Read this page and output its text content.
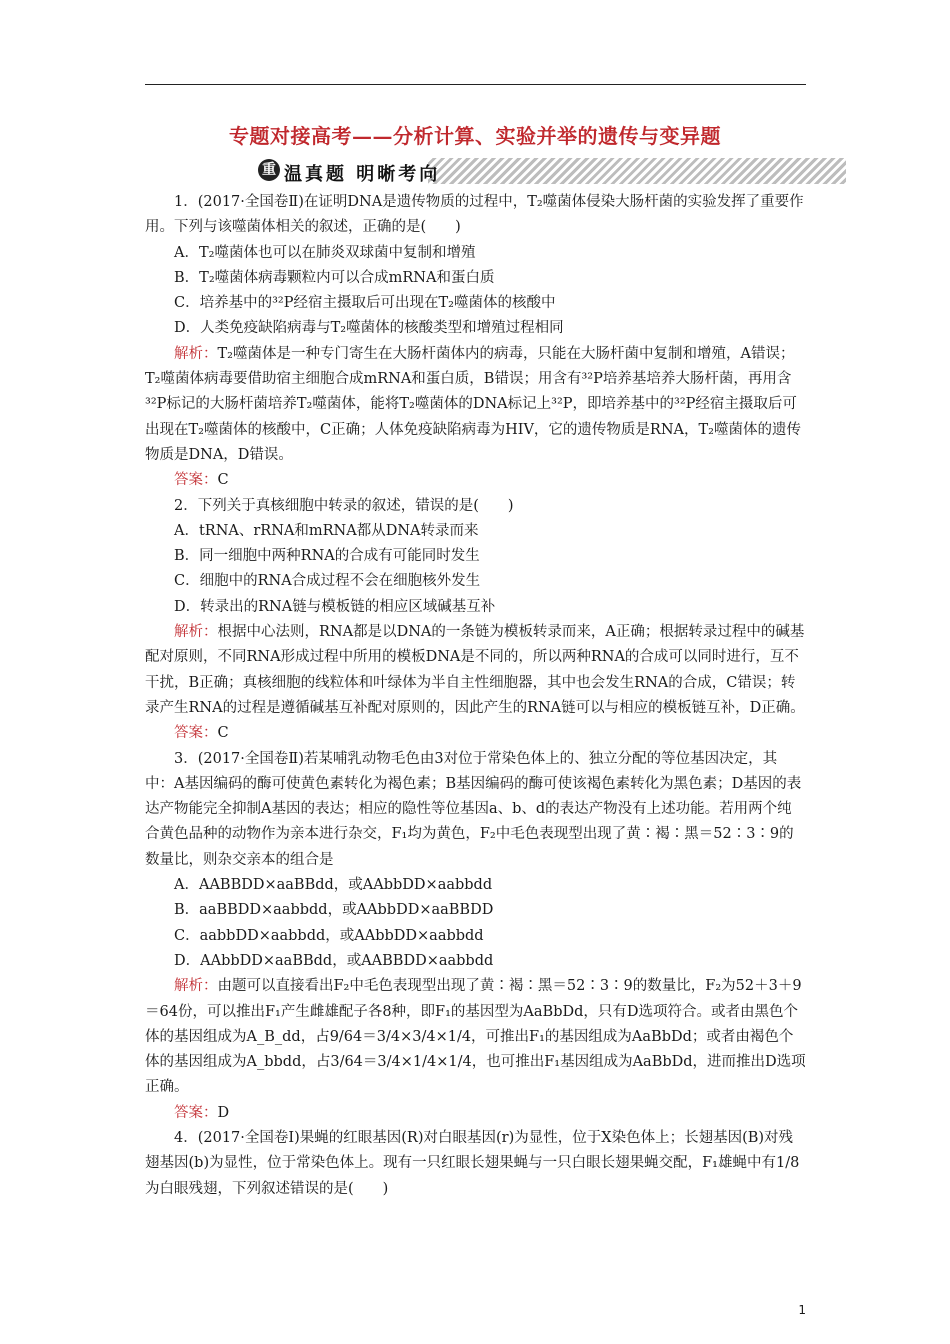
专题对接高考——分析计算、实验并举的遗传与变异题
重 温真题 明晰考向

1．(2017·全国卷Ⅱ)在证明DNA是遗传物质的过程中，T₂噬菌体侵染大肠杆菌的实验发挥了重要作用。下列与该噬菌体相关的叙述，正确的是(　　)

A．T₂噬菌体也可以在肺炎双球菌中复制和增殖

B．T₂噬菌体病毒颗粒内可以合成mRNA和蛋白质

C．培养基中的³²P经宿主摄取后可出现在T₂噬菌体的核酸中

D．人类免疫缺陷病毒与T₂噬菌体的核酸类型和增殖过程相同

解析：T₂噬菌体是一种专门寄生在大肠杆菌体内的病毒，只能在大肠杆菌中复制和增殖，A错误；T₂噬菌体病毒要借助宿主细胞合成mRNA和蛋白质，B错误；用含有³²P培养基培养大肠杆菌，再用含³²P标记的大肠杆菌培养T₂噬菌体，能将T₂噬菌体的DNA标记上³²P，即培养基中的³²P经宿主摄取后可出现在T₂噬菌体的核酸中，C正确；人体免疫缺陷病毒为HIV，它的遗传物质是RNA，T₂噬菌体的遗传物质是DNA，D错误。

答案：C

2．下列关于真核细胞中转录的叙述，错误的是(　　)

A．tRNA、rRNA和mRNA都从DNA转录而来

B．同一细胞中两种RNA的合成有可能同时发生

C．细胞中的RNA合成过程不会在细胞核外发生

D．转录出的RNA链与模板链的相应区域碱基互补

解析：根据中心法则，RNA都是以DNA的一条链为模板转录而来，A正确；根据转录过程中的碱基配对原则，不同RNA形成过程中所用的模板DNA是不同的，所以两种RNA的合成可以同时进行，互不干扰，B正确；真核细胞的线粒体和叶绿体为半自主性细胞器，其中也会发生RNA的合成，C错误；转录产生RNA的过程是遵循碱基互补配对原则的，因此产生的RNA链可以与相应的模板链互补，D正确。

答案：C

3．(2017·全国卷Ⅱ)若某哺乳动物毛色由3对位于常染色体上的、独立分配的等位基因决定，其中：A基因编码的酶可使黄色素转化为褐色素；B基因编码的酶可使该褐色素转化为黑色素；D基因的表达产物能完全抑制A基因的表达；相应的隐性等位基因a、b、d的表达产物没有上述功能。若用两个纯合黄色品种的动物作为亲本进行杂交，F₁均为黄色，F₂中毛色表现型出现了黄∶褐∶黑＝52∶3∶9的数量比，则杂交亲本的组合是

A．AABBDD×aaBBdd，或AAbbDD×aabbdd

B．aaBBDD×aabbdd，或AAbbDD×aaBBDD

C．aabbDD×aabbdd，或AAbbDD×aabbdd

D．AAbbDD×aaBBdd，或AABBDD×aabbdd

解析：由题可以直接看出F₂中毛色表现型出现了黄∶褐∶黑＝52∶3∶9的数量比，F₂为52＋3＋9＝64份，可以推出F₁产生雌雄配子各8种，即F₁的基因型为AaBbDd，只有D选项符合。或者由黑色个体的基因组成为A_B_dd，占9/64＝3/4×3/4×1/4，可推出F₁的基因组成为AaBbDd；或者由褐色个体的基因组成为A_bbdd，占3/64＝3/4×1/4×1/4，也可推出F₁基因组成为AaBbDd，进而推出D选项正确。

答案：D

4．(2017·全国卷Ⅰ)果蝇的红眼基因(R)对白眼基因(r)为显性，位于X染色体上；长翅基因(B)对残翅基因(b)为显性，位于常染色体上。现有一只红眼长翅果蝇与一只白眼长翅果蝇交配，F₁雄蝇中有1/8为白眼残翅，下列叙述错误的是(　　)

1
